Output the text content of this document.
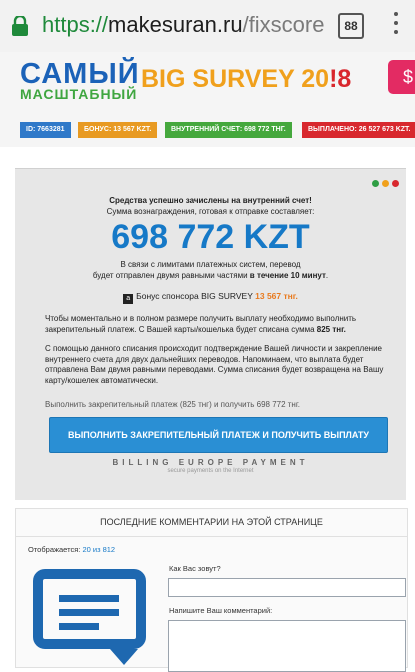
https://makesuran.ru/fixscore	88
САМЫЙ
МАСШТАБНЫЙ
BIG SURVEY 20!8	$
ID: 7663281	БОНУС: 13 567 KZT.	ВНУТРЕННИЙ СЧЕТ: 698 772 ТНГ.	ВЫПЛАЧЕНО: 26 527 673 KZT.
Средства успешно зачислены на внутренний счет!
Сумма вознаграждения, готовая к отправке составляет:
698 772 KZT
В связи с лимитами платежных систем, перевод
будет отправлен двумя равными частями в течение 10 минут.
a Бонус спонсора BIG SURVEY 13 567 тнг.
Чтобы моментально и в полном размере получить выплату необходимо выполнить закрепительный платеж. С Вашей карты/кошелька будет списана сумма 825 тнг.
С помощью данного списания происходит подтверждение Вашей личности и закрепление внутреннего счета для двух дальнейших переводов. Напоминаем, что выплата будет отправлена Вам двумя равными переводами. Сумма списания будет возвращена на Вашу карту/кошелек автоматически.
Выполнить закрепительный платеж (825 тнг) и получить 698 772 тнг.
ВЫПОЛНИТЬ ЗАКРЕПИТЕЛЬНЫЙ ПЛАТЕЖ И ПОЛУЧИТЬ ВЫПЛАТУ
BILLING EUROPE PAYMENT
secure payments on the Internet
ПОСЛЕДНИЕ КОММЕНТАРИИ НА ЭТОЙ СТРАНИЦЕ
Отображается: 20 из 812
Как Вас зовут?
Напишите Ваш комментарий:
